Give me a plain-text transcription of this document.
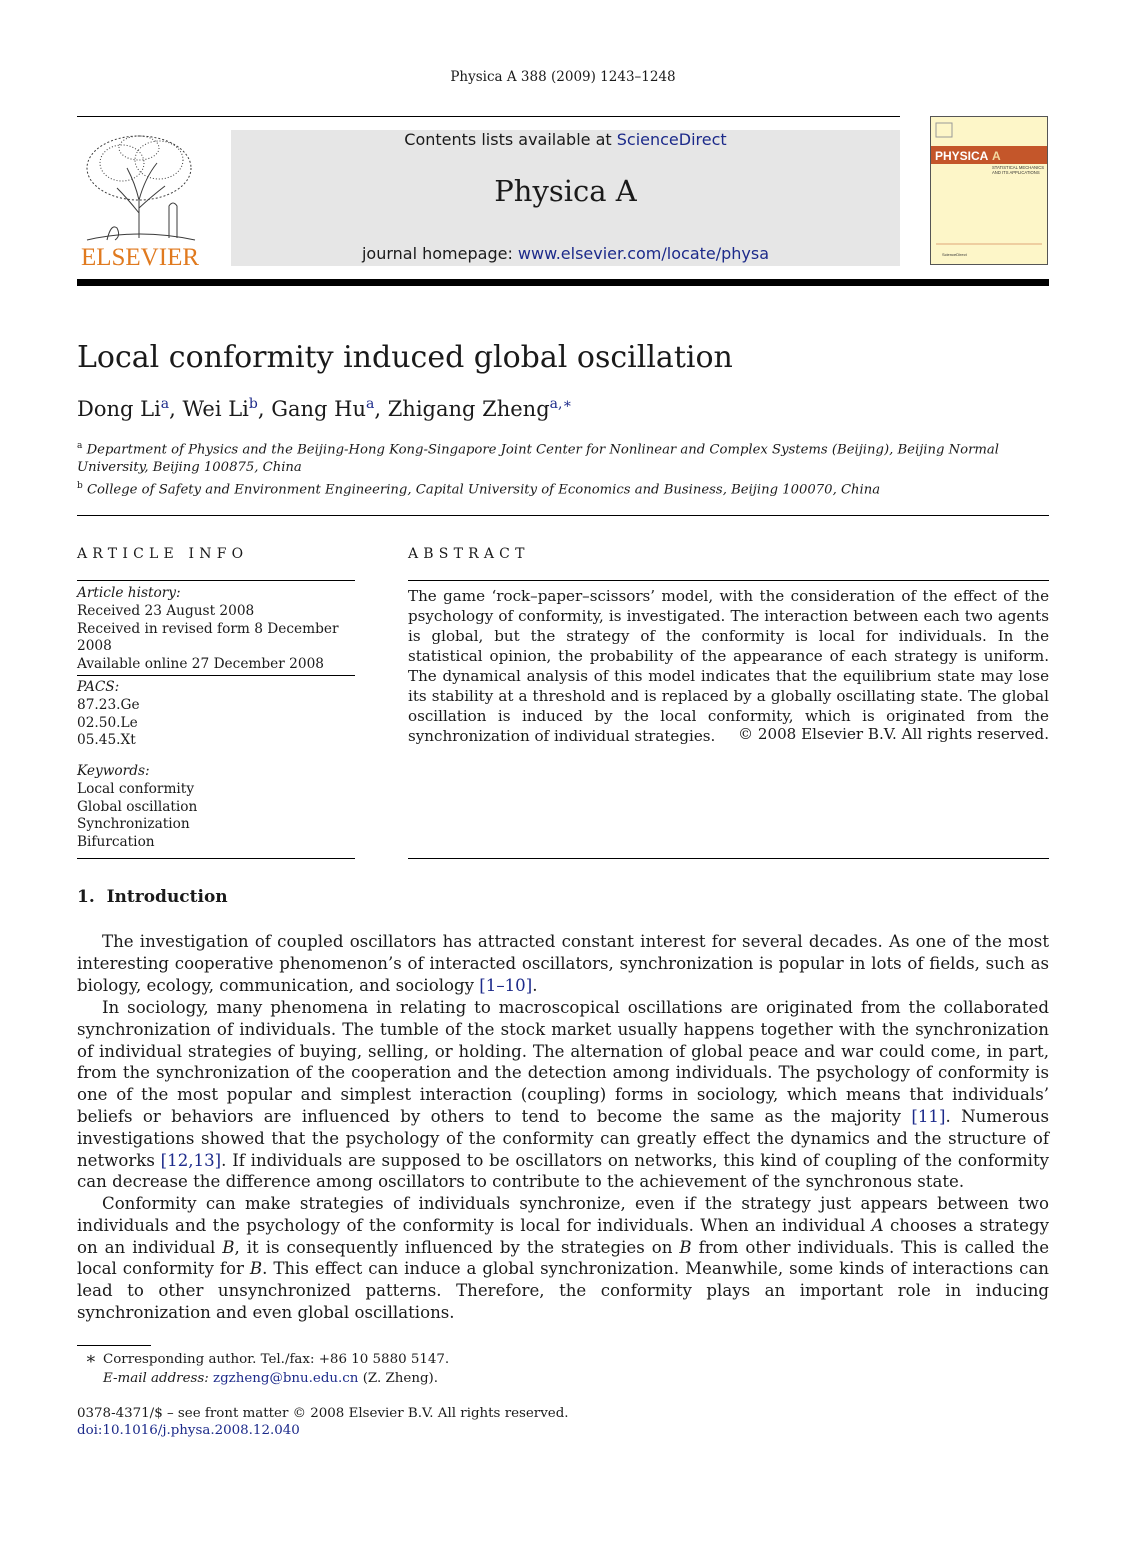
Physica A 388 (2009) 1243–1248
ELSEVIER
Contents lists available at ScienceDirect
Physica A
journal homepage: www.elsevier.com/locate/physa
PHYSICA A
STATISTICAL MECHANICS
AND ITS APPLICATIONS
ScienceDirect
Local conformity induced global oscillation
Dong Li$^a$, Wei Li$^b$, Gang Hu$^a$, Zhigang Zheng$^{a,∗}$
$^a$ Department of Physics and the Beijing-Hong Kong-Singapore Joint Center for Nonlinear and Complex Systems (Beijing), Beijing Normal University, Beijing 100875, China
$^b$ College of Safety and Environment Engineering, Capital University of Economics and Business, Beijing 100070, China
ARTICLE INFO
Article history:
Received 23 August 2008
Received in revised form 8 December 2008
Available online 27 December 2008
PACS:
87.23.Ge
02.50.Le
05.45.Xt
Keywords:
Local conformity
Global oscillation
Synchronization
Bifurcation
ABSTRACT
The game ‘rock–paper–scissors’ model, with the consideration of the effect of the psychology of conformity, is investigated. The interaction between each two agents is global, but the strategy of the conformity is local for individuals. In the statistical opinion, the probability of the appearance of each strategy is uniform. The dynamical analysis of this model indicates that the equilibrium state may lose its stability at a threshold and is replaced by a globally oscillating state. The global oscillation is induced by the local conformity, which is originated from the synchronization of individual strategies.	© 2008 Elsevier B.V. All rights reserved.
1. Introduction
The investigation of coupled oscillators has attracted constant interest for several decades. As one of the most interesting cooperative phenomenon’s of interacted oscillators, synchronization is popular in lots of fields, such as biology, ecology, communication, and sociology [1–10].
In sociology, many phenomena in relating to macroscopical oscillations are originated from the collaborated synchronization of individuals. The tumble of the stock market usually happens together with the synchronization of individual strategies of buying, selling, or holding. The alternation of global peace and war could come, in part, from the synchronization of the cooperation and the detection among individuals. The psychology of conformity is one of the most popular and simplest interaction (coupling) forms in sociology, which means that individuals’ beliefs or behaviors are influenced by others to tend to become the same as the majority [11]. Numerous investigations showed that the psychology of the conformity can greatly effect the dynamics and the structure of networks [12,13]. If individuals are supposed to be oscillators on networks, this kind of coupling of the conformity can decrease the difference among oscillators to contribute to the achievement of the synchronous state.
Conformity can make strategies of individuals synchronize, even if the strategy just appears between two individuals and the psychology of the conformity is local for individuals. When an individual A chooses a strategy on an individual B, it is consequently influenced by the strategies on B from other individuals. This is called the local conformity for B. This effect can induce a global synchronization. Meanwhile, some kinds of interactions can lead to other unsynchronized patterns. Therefore, the conformity plays an important role in inducing synchronization and even global oscillations.
∗ Corresponding author. Tel./fax: +86 10 5880 5147.
E-mail address: zgzheng@bnu.edu.cn (Z. Zheng).
0378-4371/$ – see front matter © 2008 Elsevier B.V. All rights reserved.
doi:10.1016/j.physa.2008.12.040
